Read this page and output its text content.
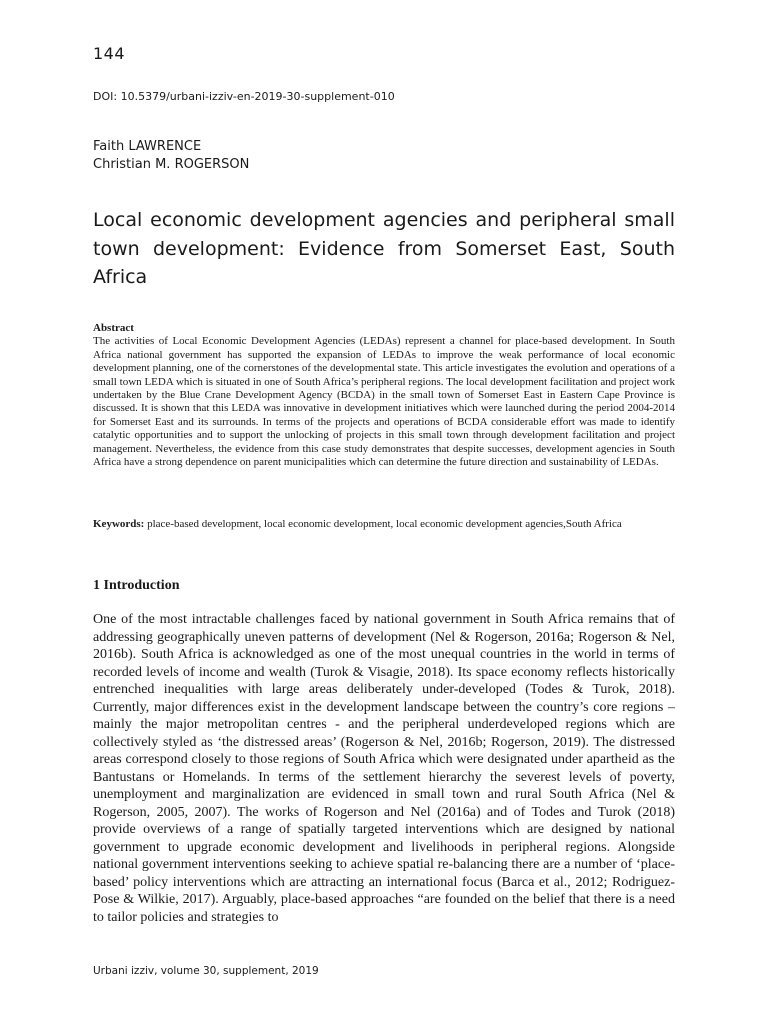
144
DOI: 10.5379/urbani-izziv-en-2019-30-supplement-010
Faith LAWRENCE
Christian M. ROGERSON
Local economic development agencies and peripheral small town development: Evidence from Somerset East, South Africa
Abstract
The activities of Local Economic Development Agencies (LEDAs) represent a channel for place-based development. In South Africa national government has supported the expansion of LEDAs to improve the weak performance of local economic development planning, one of the cornerstones of the developmental state. This article investigates the evolution and operations of a small town LEDA which is situated in one of South Africa’s peripheral regions. The local development facilitation and project work undertaken by the Blue Crane Development Agency (BCDA) in the small town of Somerset East in Eastern Cape Province is discussed. It is shown that this LEDA was innovative in development initiatives which were launched during the period 2004-2014 for Somerset East and its surrounds. In terms of the projects and operations of BCDA considerable effort was made to identify catalytic opportunities and to support the unlocking of projects in this small town through development facilitation and project management. Nevertheless, the evidence from this case study demonstrates that despite successes, development agencies in South Africa have a strong dependence on parent municipalities which can determine the future direction and sustainability of LEDAs.
Keywords: place-based development, local economic development, local economic development agencies,South Africa
1 Introduction
One of the most intractable challenges faced by national government in South Africa remains that of addressing geographically uneven patterns of development (Nel & Rogerson, 2016a; Rogerson & Nel, 2016b). South Africa is acknowledged as one of the most unequal countries in the world in terms of recorded levels of income and wealth (Turok & Visagie, 2018). Its space economy reflects historically entrenched inequalities with large areas deliberately under-developed (Todes & Turok, 2018). Currently, major differences exist in the development landscape between the country’s core regions – mainly the major metropolitan centres - and the peripheral underdeveloped regions which are collectively styled as ‘the distressed areas’ (Rogerson & Nel, 2016b; Rogerson, 2019). The distressed areas correspond closely to those regions of South Africa which were designated under apartheid as the Bantustans or Homelands. In terms of the settlement hierarchy the severest levels of poverty, unemployment and marginalization are evidenced in small town and rural South Africa (Nel & Rogerson, 2005, 2007). The works of Rogerson and Nel (2016a) and of Todes and Turok (2018) provide overviews of a range of spatially targeted interventions which are designed by national government to upgrade economic development and livelihoods in peripheral regions. Alongside national government interventions seeking to achieve spatial re-balancing there are a number of ‘place-based’ policy interventions which are attracting an international focus (Barca et al., 2012; Rodriguez-Pose & Wilkie, 2017). Arguably, place-based approaches “are founded on the belief that there is a need to tailor policies and strategies to
Urbani izziv, volume 30, supplement, 2019
